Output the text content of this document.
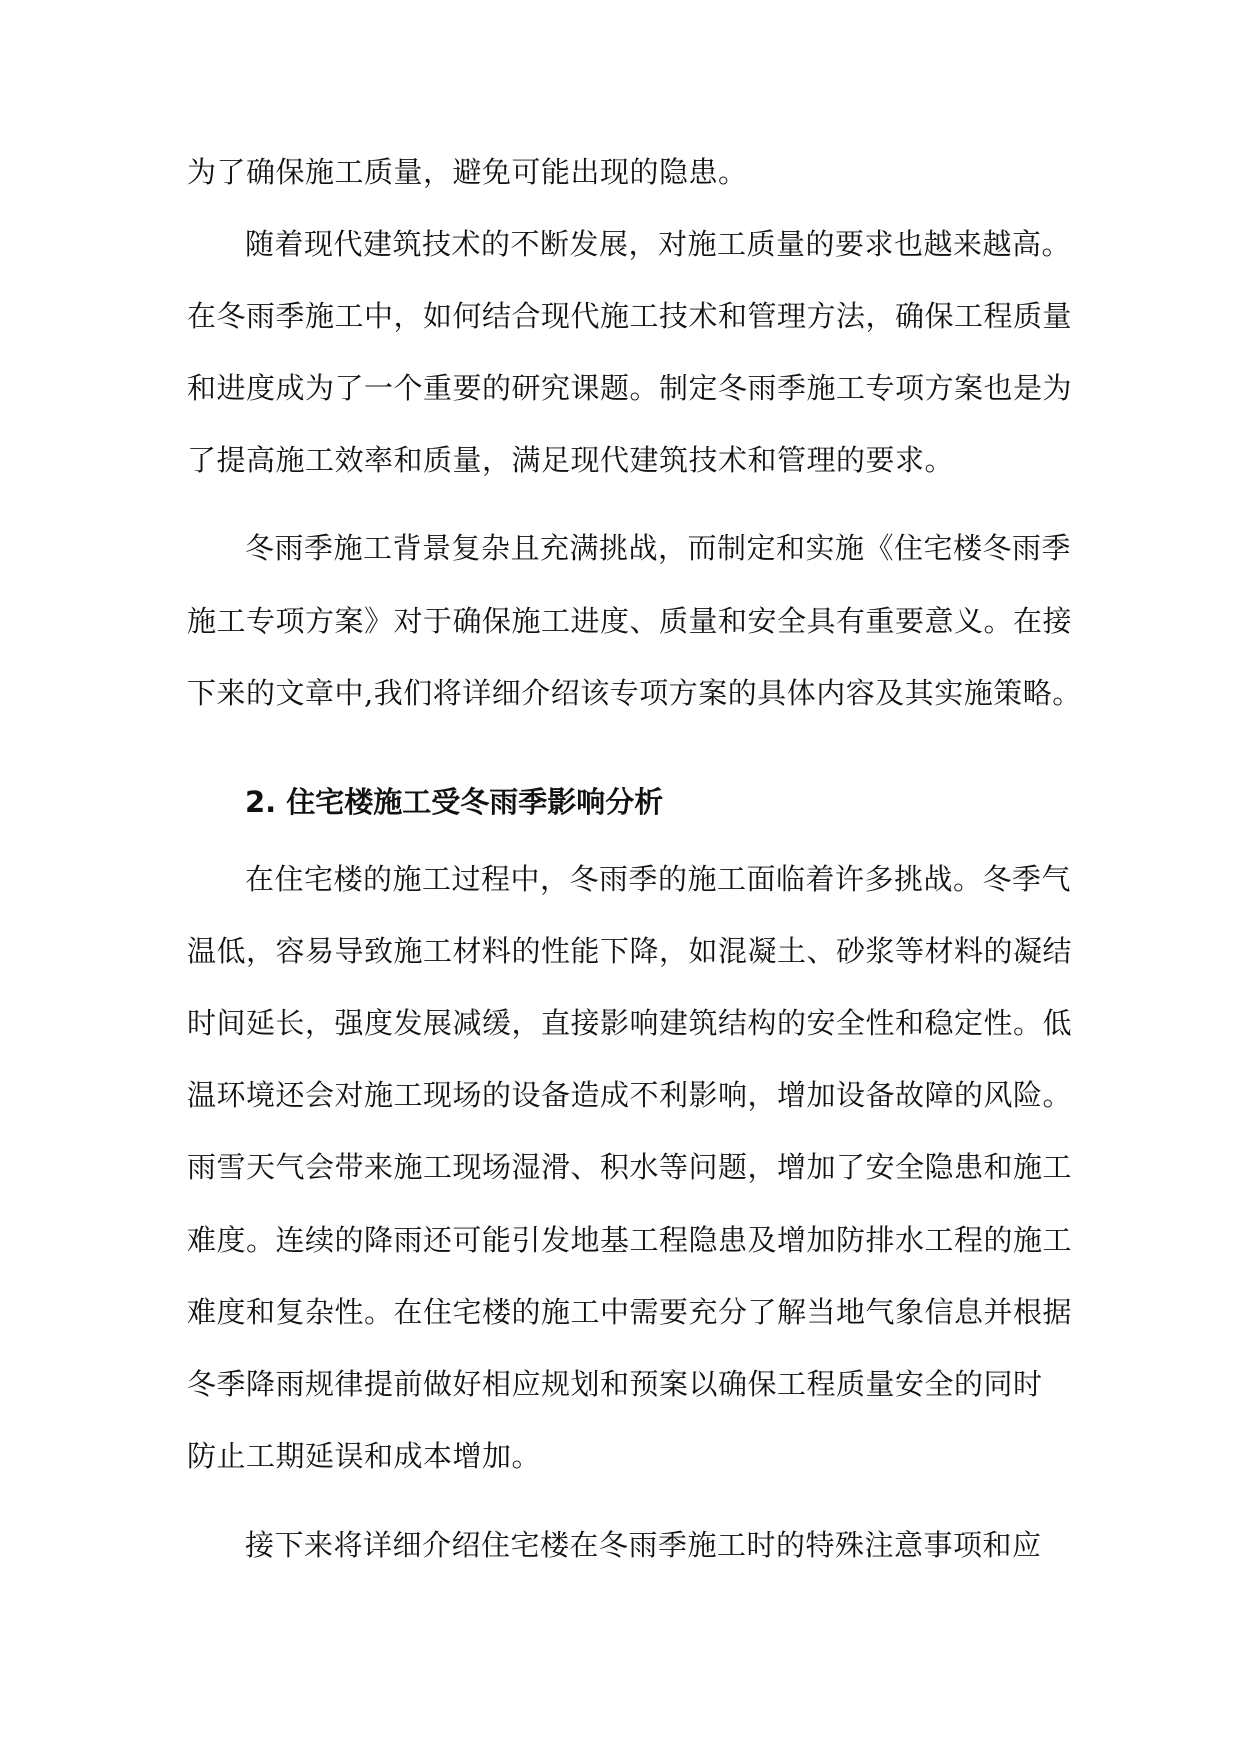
为了确保施工质量，避免可能出现的隐患。
随着现代建筑技术的不断发展，对施工质量的要求也越来越高。
在冬雨季施工中，如何结合现代施工技术和管理方法，确保工程质量
和进度成为了一个重要的研究课题。制定冬雨季施工专项方案也是为
了提高施工效率和质量，满足现代建筑技术和管理的要求。
冬雨季施工背景复杂且充满挑战，而制定和实施《住宅楼冬雨季
施工专项方案》对于确保施工进度、质量和安全具有重要意义。在接
下来的文章中,我们将详细介绍该专项方案的具体内容及其实施策略。
2. 住宅楼施工受冬雨季影响分析
在住宅楼的施工过程中，冬雨季的施工面临着许多挑战。冬季气
温低，容易导致施工材料的性能下降，如混凝土、砂浆等材料的凝结
时间延长，强度发展减缓，直接影响建筑结构的安全性和稳定性。低
温环境还会对施工现场的设备造成不利影响，增加设备故障的风险。
雨雪天气会带来施工现场湿滑、积水等问题，增加了安全隐患和施工
难度。连续的降雨还可能引发地基工程隐患及增加防排水工程的施工
难度和复杂性。在住宅楼的施工中需要充分了解当地气象信息并根据
冬季降雨规律提前做好相应规划和预案以确保工程质量安全的同时
防止工期延误和成本增加。
接下来将详细介绍住宅楼在冬雨季施工时的特殊注意事项和应
